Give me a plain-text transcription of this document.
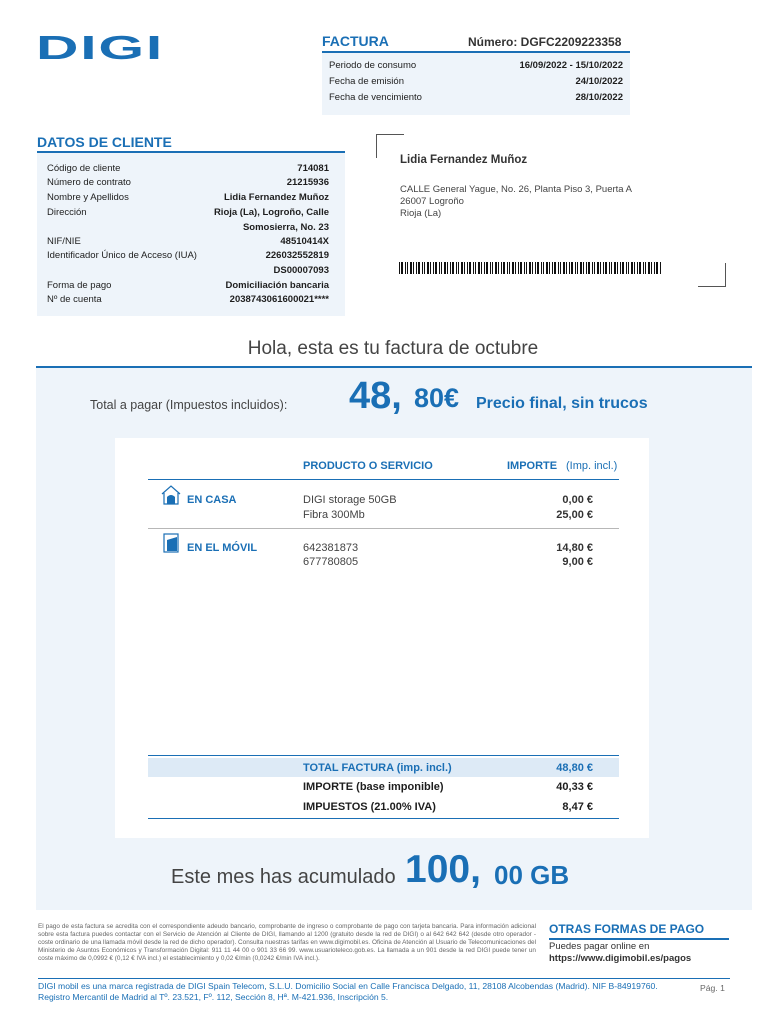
DIGI	FACTURA	Número: DGFC2209223358
Periodo de consumo	16/09/2022 - 15/10/2022
Fecha de emisión	24/10/2022
Fecha de vencimiento	28/10/2022
DATOS DE CLIENTE
Código de cliente	714081
Número de contrato	21215936
Nombre y Apellidos	Lidia Fernandez Muñoz
Dirección	Rioja (La), Logroño, Calle
Somosierra, No. 23
NIF/NIE	48510414X
Identificador Único de Acceso (IUA)	226032552819
DS00007093
Forma de pago	Domiciliación bancaria
Nº de cuenta	2038743061600021****
Lidia Fernandez Muñoz
CALLE General Yague, No. 26, Planta Piso 3, Puerta A
26007 Logroño
Rioja (La)
Hola, esta es tu factura de octubre
Total a pagar (Impuestos incluidos): 48, 80€ Precio final, sin trucos
PRODUCTO O SERVICIO	IMPORTE (Imp. incl.)
EN CASA	DIGI storage 50GB	0,00 €
Fibra 300Mb	25,00 €
EN EL MÓVIL	642381873	14,80 €
677780805	9,00 €
TOTAL FACTURA (imp. incl.)	48,80 €
IMPORTE (base imponible)	40,33 €
IMPUESTOS (21.00% IVA)	8,47 €
Este mes has acumulado 100, 00 GB
El pago de esta factura se acredita con el correspondiente adeudo bancario, comprobante de ingreso o comprobante de pago con tarjeta bancaria. Para información adicional sobre esta factura puedes contactar con el Servicio de Atención al Cliente de DIGI, llamando al 1200 (gratuito desde la red de DIGI) o al 642 642 642 (desde otro operador - coste ordinario de una llamada móvil desde la red de dicho operador). Consulta nuestras tarifas en www.digimobil.es. Oficina de Atención al Usuario de Telecomunicaciones del Ministerio de Asuntos Económicos y Transformación Digital: 911 11 44 00 o 901 33 66 99. www.usuarioteleco.gob.es. La llamada a un 901 desde la red DIGI puede tener un coste máximo de 0,0992 € (0,12 € IVA incl.) el establecimiento y 0,02 €/min (0,0242 €/min IVA incl.).
OTRAS FORMAS DE PAGO
Puedes pagar online en
https://www.digimobil.es/pagos
DIGI mobil es una marca registrada de DIGI Spain Telecom, S.L.U. Domicilio Social en Calle Francisca Delgado, 11, 28108 Alcobendas (Madrid). NIF B-84919760.
Registro Mercantil de Madrid al Tº. 23.521, Fº. 112, Sección 8, Hª. M-421.936, Inscripción 5.
Pág. 1
